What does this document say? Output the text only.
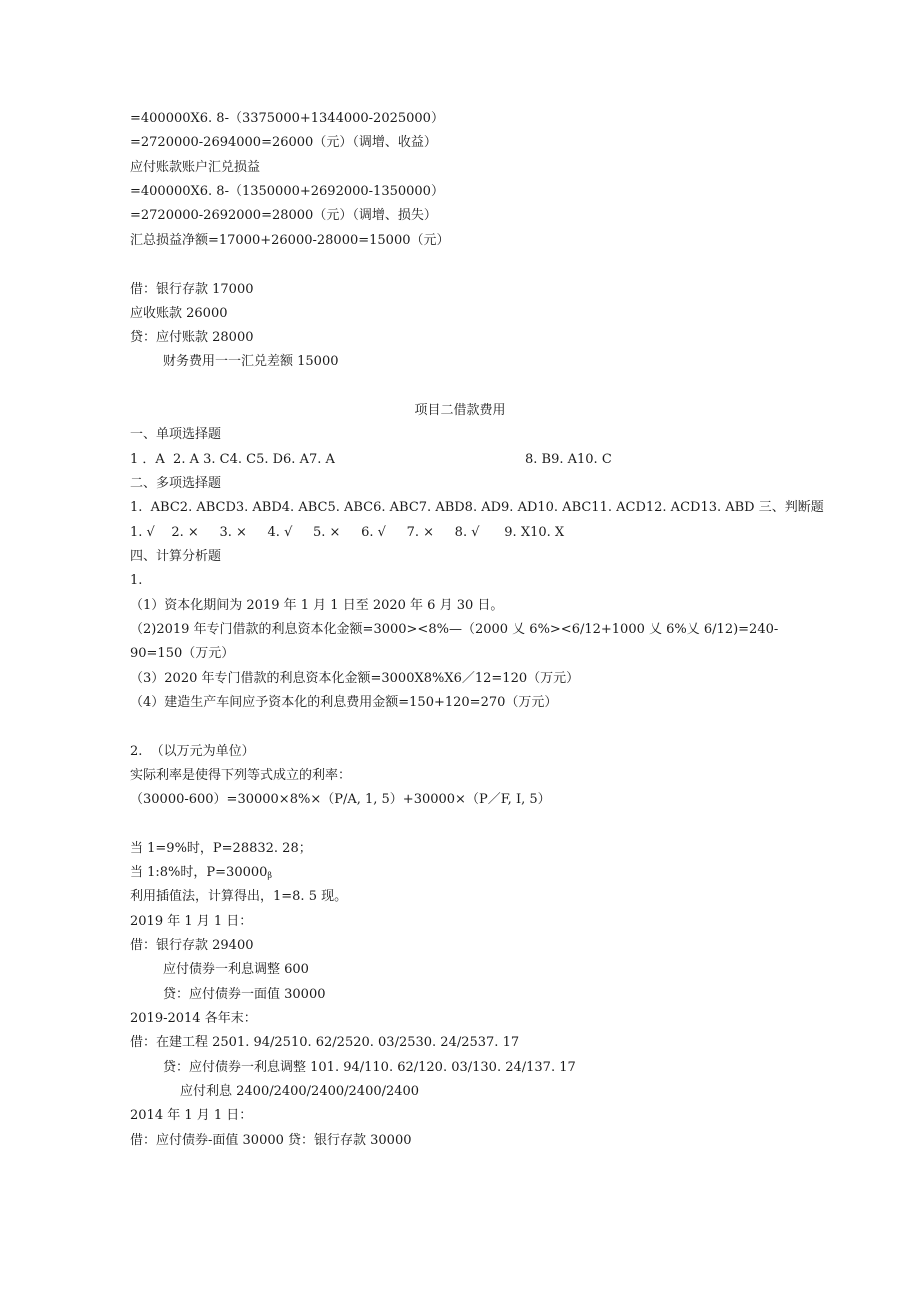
=400000X6. 8-（3375000+1344000-2025000）
=2720000-2694000=26000（元）（调增、收益）
应付账款账户汇兑损益
=400000X6. 8-（1350000+2692000-1350000）
=2720000-2692000=28000（元）（调增、损失）
汇总损益净额=17000+26000-28000=15000（元）
借：银行存款 17000
应收账款 26000
贷：应付账款 28000
财务费用一一汇兑差额 15000
项目二借款费用
一、单项选择题
1 ．A  2. A 3. C4. C5. D6. A7. A	8. B9. A10. C
二、多项选择题
1.  ABC2. ABCD3. ABD4. ABC5. ABC6. ABC7. ABD8. AD9. AD10. ABC11. ACD12. ACD13. ABD 三、判断题
1. √    2. ×     3. ×     4. √     5. ×     6. √     7. ×     8. √      9. X10. X
四、计算分析题
1.
（1）资本化期间为 2019 年 1 月 1 日至 2020 年 6 月 30 日。
（2)2019 年专门借款的利息资本化金额=3000><8%—（2000 乂 6%><6/12+1000 乂 6%乂 6/12)=240-
90=150（万元）
（3）2020 年专门借款的利息资本化金额=3000X8%X6／12=120（万元）
（4）建造生产车间应予资本化的利息费用金额=150+120=270（万元）
2.  （以万元为单位）
实际利率是使得下列等式成立的利率：
（30000-600）=30000×8%×（P/A, 1, 5）+30000×（P／F, I, 5）
当 1=9%时，P=28832. 28；
当 1:8%时，$P=30000_\beta$
利用插值法，计算得出，1=8. 5 现。
2019 年 1 月 1 日：
借：银行存款 29400
应付债券一利息调整 600
贷：应付债券一面值 30000
2019-2014 各年末：
借：在建工程 2501. 94/2510. 62/2520. 03/2530. 24/2537. 17
贷：应付债券一利息调整 101. 94/110. 62/120. 03/130. 24/137. 17
应付利息 2400/2400/2400/2400/2400
2014 年 1 月 1 日：
借：应付债券-面值 30000 贷：银行存款 30000
